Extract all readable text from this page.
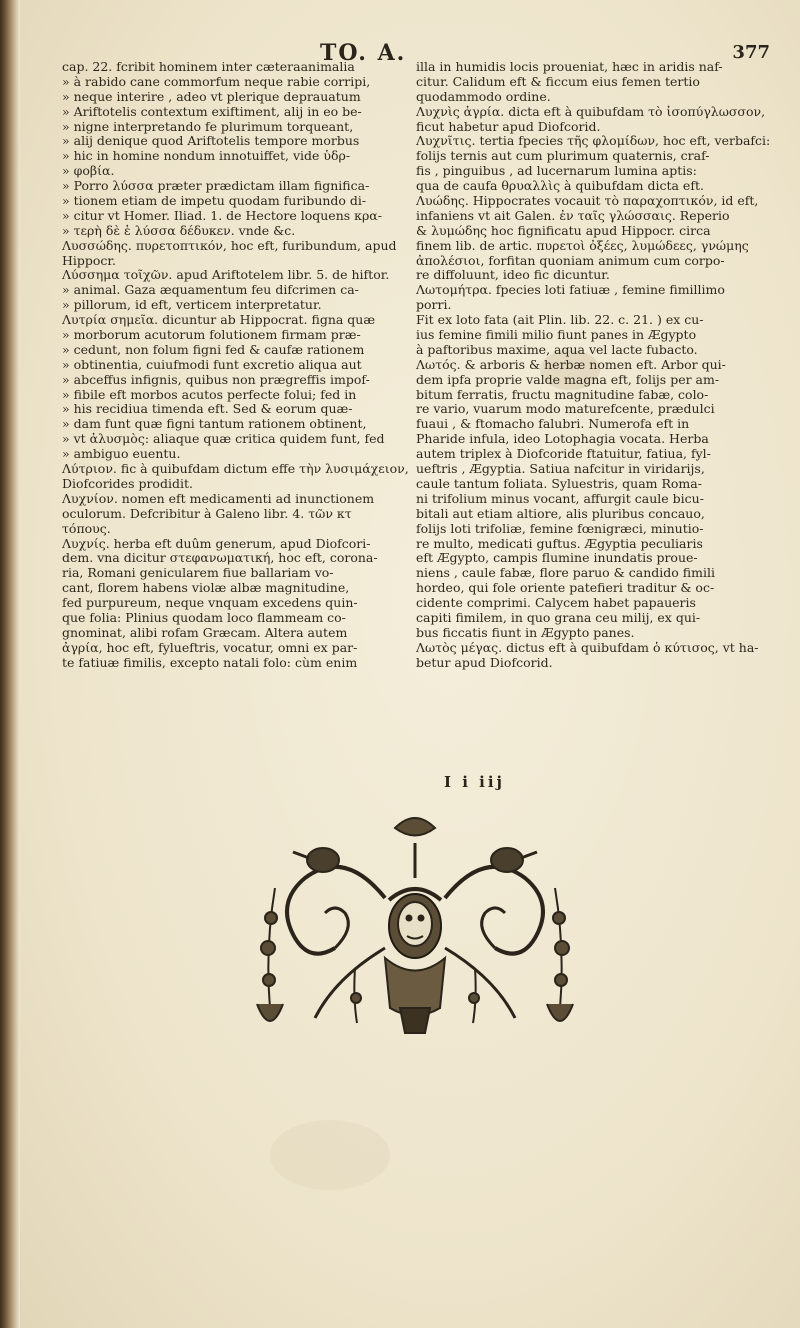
TO. A.	377
cap. 22. fcribit hominem inter cæteraanimalia
» à rabido cane commorfum neque rabie corripi,
» neque interire , adeo vt plerique deprauatum
» Ariftotelis contextum exiftiment, alij in eo be-
» nigne interpretando fe plurimum torqueant,
» alij denique quod Ariftotelis tempore morbus
» hic in homine nondum innotuiffet, vide ὑδρ-
» φοβία.
» Porro λύσσα præter prædictam illam fignifica-
» tionem etiam de impetu quodam furibundo di-
» citur vt Homer. Iliad. 1. de Hectore loquens κρα-
» τερὴ δὲ ἑ λύσσα δέδυκεν. vnde &c.
Λυσσώδης. πυρετοπτικόν, hoc eft, furibundum, apud
Hippocr.
Λύσσημα τοῖχῶν. apud Ariftotelem libr. 5. de hiftor.
» animal. Gaza æquamentum feu difcrimen ca-
» pillorum, id eft, verticem interpretatur.
Λυτρία σημεῖα. dicuntur ab Hippocrat. figna quæ
» morborum acutorum folutionem firmam præ-
» cedunt, non folum figni fed & caufæ rationem
» obtinentia, cuiufmodi funt excretio aliqua aut
» abceffus infignis, quibus non prægreffis impof-
» fibile eft morbos acutos perfecte folui; fed in
» his recidiua timenda eft. Sed & eorum quæ-
» dam funt quæ figni tantum rationem obtinent,
» vt ἀλυσμὸς: aliaque quæ critica quidem funt, fed
» ambiguo euentu.
Λύτριον. fic à quibufdam dictum effe τὴν λυσιμάχειον,
Diofcorides prodidit.
Λυχνίον. nomen eft medicamenti ad inunctionem
oculorum. Defcribitur à Galeno libr. 4. τῶν κτ
τόπους.
Λυχνίς. herba eft duûm generum, apud Diofcori-
dem. vna dicitur στεφανωματική, hoc eft, corona-
ria, Romani genicularem fiue ballariam vo-
cant, florem habens violæ albæ magnitudine,
fed purpureum, neque vnquam excedens quin-
que folia: Plinius quodam loco flammeam co-
gnominat, alibi rofam Græcam. Altera autem
ἀγρία, hoc eft, fylueftris, vocatur, omni ex par-
te fatiuæ fimilis, excepto natali folo: cùm enim
illa in humidis locis proueniat, hæc in aridis naf-
citur. Calidum eft & ficcum eius femen tertio
quodammodo ordine.
Λυχνὶς ἀγρία. dicta eft à quibufdam τὸ ἰσοπύγλωσσον,
ficut habetur apud Diofcorid.
Λυχνῖτις. tertia fpecies τῆς φλομίδων, hoc eft, verbafci:
folijs ternis aut cum plurimum quaternis, craf-
fis , pinguibus , ad lucernarum lumina aptis:
qua de caufa θρυαλλὶς à quibufdam dicta eft.
Λυώδης. Hippocrates vocauit τὸ παραχοπτικόν, id eft,
infaniens vt ait Galen. ἐν ταῖς γλώσσαις. Reperio
& λυμώδης hoc fignificatu apud Hippocr. circa
finem lib. de artic. πυρετοὶ ὀξέες, λυμώδεες, γνώμης
ἀπολέσιοι, forfitan quoniam animum cum corpo-
re diffoluunt, ideo fic dicuntur.
Λωτομήτρα. fpecies loti fatiuæ , femine fimillimo
porri.
Fit ex loto fata (ait Plin. lib. 22. c. 21. ) ex cu-
ius femine fimili milio fiunt panes in Ægypto
à paftoribus maxime, aqua vel lacte fubacto.
Λωτός. & arboris & herbæ nomen eft. Arbor qui-
dem ipfa proprie valde magna eft, folijs per am-
bitum ferratis, fructu magnitudine fabæ, colo-
re vario, vuarum modo maturefcente, prædulci
fuaui , & ftomacho falubri. Numerofa eft in
Pharide infula, ideo Lotophagia vocata. Herba
autem triplex à Diofcoride ftatuitur, fatiua, fyl-
ueftris , Ægyptia. Satiua nafcitur in viridarijs,
caule tantum foliata. Syluestris, quam Roma-
ni trifolium minus vocant, affurgit caule bicu-
bitali aut etiam altiore, alis pluribus concauo,
folijs loti trifoliæ, femine fœnigræci, minutio-
re multo, medicati guftus. Ægyptia peculiaris
eft Ægypto, campis flumine inundatis proue-
niens , caule fabæ, flore paruo & candido fimili
hordeo, qui fole oriente patefieri traditur & oc-
cidente comprimi. Calycem habet papaueris
capiti fimilem, in quo grana ceu milij, ex qui-
bus ficcatis fiunt in Ægypto panes.
Λωτὸς μέγας. dictus eft à quibufdam ὁ κύτισος, vt ha-
betur apud Diofcorid.
I i iij
